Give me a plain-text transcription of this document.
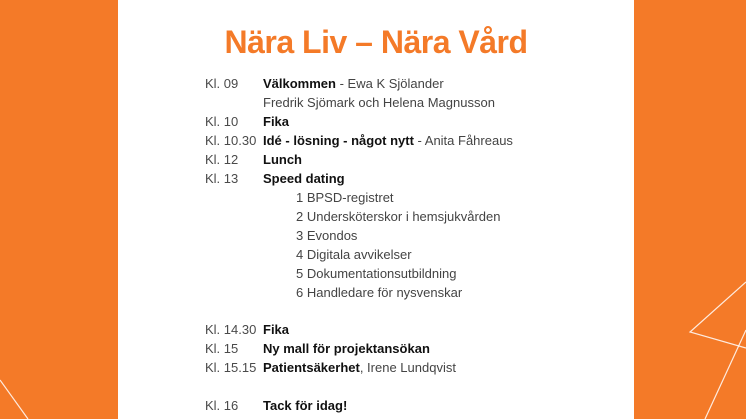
Nära Liv – Nära Vård
Kl. 09 Välkommen - Ewa K Sjölander
Fredrik Sjömark och Helena Magnusson
Kl. 10 Fika
Kl. 10.30 Idé - lösning - något nytt - Anita Fåhreaus
Kl. 12 Lunch
Kl. 13 Speed dating
1 BPSD-registret
2 Undersköterskor i hemsjukvården
3 Evondos
4 Digitala avvikelser
5 Dokumentationsutbildning
6 Handledare för nysvenskar
Kl. 14.30 Fika
Kl. 15 Ny mall för projektansökan
Kl. 15.15 Patientsäkerhet, Irene Lundqvist
Kl. 16 Tack för idag!
